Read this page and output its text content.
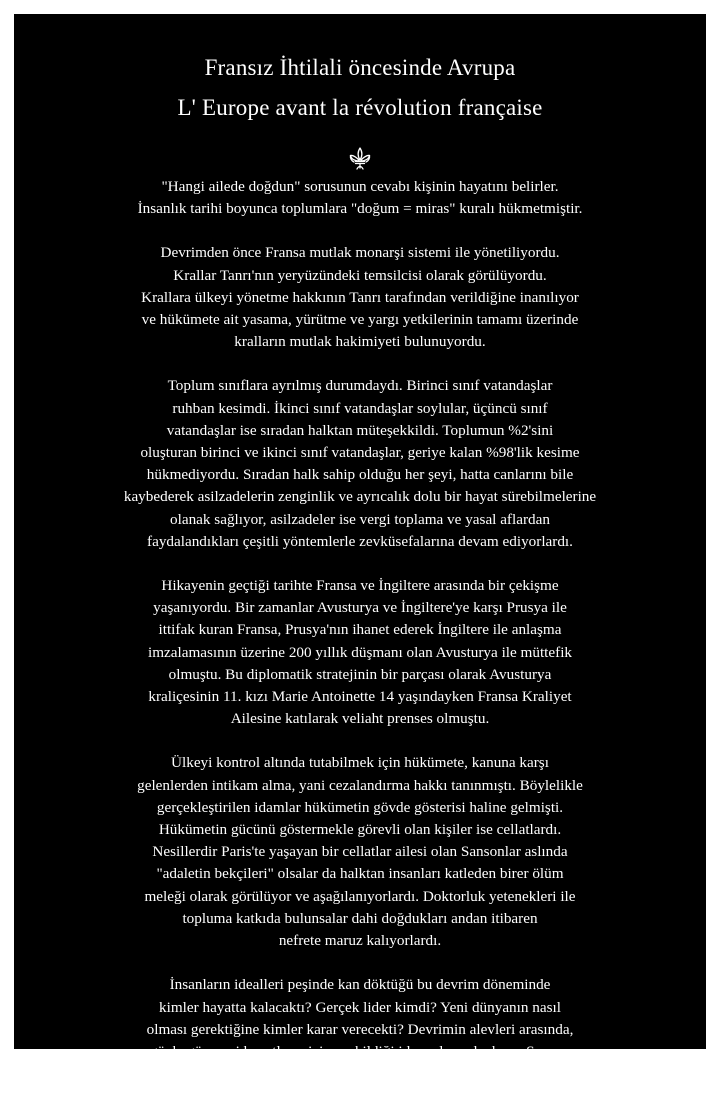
Fransız İhtilali öncesinde Avrupa
L' Europe avant la révolution française
"Hangi ailede doğdun" sorusunun cevabı kişinin hayatını belirler.
İnsanlık tarihi boyunca toplumlara "doğum = miras" kuralı hükmetmiştir.
Devrimden önce Fransa mutlak monarşi sistemi ile yönetiliyordu.
Krallar Tanrı'nın yeryüzündeki temsilcisi olarak görülüyordu.
Krallara ülkeyi yönetme hakkının Tanrı tarafından verildiğine inanılıyor
ve hükümete ait yasama, yürütme ve yargı yetkilerinin tamamı üzerinde
kralların mutlak hakimiyeti bulunuyordu.
Toplum sınıflara ayrılmış durumdaydı. Birinci sınıf vatandaşlar
ruhban kesimdi. İkinci sınıf vatandaşlar soylular, üçüncü sınıf
vatandaşlar ise sıradan halktan müteşekkildi. Toplumun %2'sini
oluşturan birinci ve ikinci sınıf vatandaşlar, geriye kalan %98'lik kesime
hükmediyordu. Sıradan halk sahip olduğu her şeyi, hatta canlarını bile
kaybederek asilzadelerin zenginlik ve ayrıcalık dolu bir hayat sürebilmelerine
olanak sağlıyor, asilzadeler ise vergi toplama ve yasal aflardan
faydalandıkları çeşitli yöntemlerle zevküsefalarına devam ediyorlardı.
Hikayenin geçtiği tarihte Fransa ve İngiltere arasında bir çekişme
yaşanıyordu. Bir zamanlar Avusturya ve İngiltere'ye karşı Prusya ile
ittifak kuran Fransa, Prusya'nın ihanet ederek İngiltere ile anlaşma
imzalamasının üzerine 200 yıllık düşmanı olan Avusturya ile müttefik
olmuştu. Bu diplomatik stratejinin bir parçası olarak Avusturya
kraliçesinin 11. kızı Marie Antoinette 14 yaşındayken Fransa Kraliyet
Ailesine katılarak veliaht prenses olmuştu.
Ülkeyi kontrol altında tutabilmek için hükümete, kanuna karşı
gelenlerden intikam alma, yani cezalandırma hakkı tanınmıştı. Böylelikle
gerçekleştirilen idamlar hükümetin gövde gösterisi haline gelmişti.
Hükümetin gücünü göstermekle görevli olan kişiler ise cellatlardı.
Nesillerdir Paris'te yaşayan bir cellatlar ailesi olan Sansonlar aslında
"adaletin bekçileri" olsalar da halktan insanları katleden birer ölüm
meleği olarak görülüyor ve aşağılanıyorlardı. Doktorluk yetenekleri ile
topluma katkıda bulunsalar dahi doğdukları andan itibaren
nefrete maruz kalıyorlardı.
İnsanların idealleri peşinde kan döktüğü bu devrim döneminde
kimler hayatta kalacaktı? Gerçek lider kimdi? Yeni dünyanın nasıl
olması gerektiğine kimler karar verecekti? Devrimin alevleri arasında,
günbegün yeni hayatların içine çekildiği idam alanında duran Sanson
kardeşlerin gözlerinden neler yansıyordu?
